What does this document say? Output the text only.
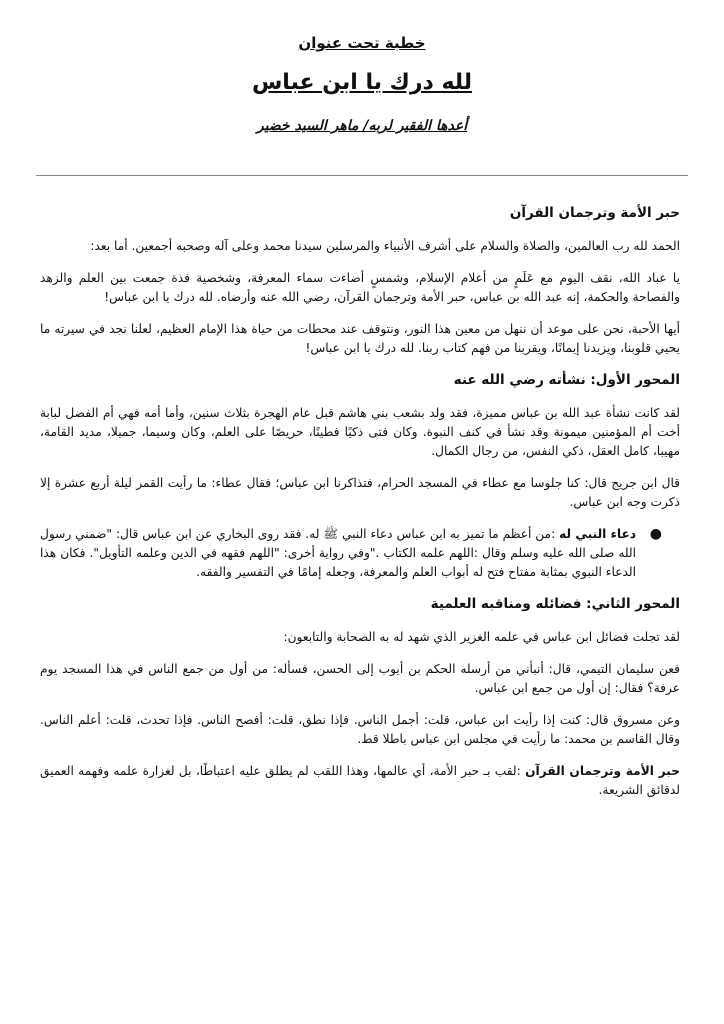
خطبة تحت عنوان
لله درك يا ابن عباس
أعدها الفقير لربه/ ماهر السيد خضير
حبر الأمة وترجمان القرآن

الحمد لله رب العالمين، والصلاة والسلام على أشرف الأنبياء والمرسلين سيدنا محمد وعلى آله وصحبه أجمعين. أما بعد:

يا عباد الله، نقف اليوم مع عَلَمٍ من أعلام الإسلام، وشمسٍ أضاءت سماء المعرفة، وشخصية فذة جمعت بين العلم والزهد والفصاحة والحكمة، إنه عبد الله بن عباس، حبر الأمة وترجمان القرآن، رضي الله عنه وأرضاه. لله درك يا ابن عباس!

أيها الأحبة، نحن على موعد أن ننهل من معين هذا النور، ونتوقف عند محطات من حياة هذا الإمام العظيم، لعلنا نجد في سيرته ما يحيي قلوبنا، ويزيدنا إيمانًا، ويقربنا من فهم كتاب ربنا. لله درك يا ابن عباس!

المحور الأول: نشأته رضي الله عنه

لقد كانت نشأة عبد الله بن عباس مميزة، فقد ولد بشعب بني هاشم قبل عام الهجرة بثلاث سنين، وأما أمه فهي أم الفضل لبابة أخت أم المؤمنين ميمونة وقد نشأ في كنف النبوة. وكان فتى ذكيًا فطينًا، حريصًا على العلم، وكان وسيما، جميلا، مديد القامة، مهيبا، كامل العقل، ذكي النفس، من رجال الكمال.

قال ابن جريج قال: كنا جلوسا مع عطاء في المسجد الحرام، فتذاكرنا ابن عباس؛ فقال عطاء: ما رأيت القمر ليلة أربع عشرة إلا ذكرت وجه ابن عباس.

●
دعاء النبي له :من أعظم ما تميز به ابن عباس دعاء النبي ﷺ له. فقد روى البخاري عن ابن عباس قال: "ضمني رسول الله صلى الله عليه وسلم وقال :اللهم علمه الكتاب ."وفي رواية أخرى: "اللهم فقهه في الدين وعلمه التأويل". فكان هذا الدعاء النبوي بمثابة مفتاح فتح له أبواب العلم والمعرفة، وجعله إمامًا في التفسير والفقه.
المحور الثاني: فضائله ومناقبه العلمية

لقد تجلت فضائل ابن عباس في علمه الغزير الذي شهد له به الصحابة والتابعون:

فعن سليمان التيمي، قال: أنبأني من أرسله الحكم بن أيوب إلى الحسن، فسأله: من أول من جمع الناس في هذا المسجد يوم عرفة؟ فقال: إن أول من جمع ابن عباس.

وعن مسروق قال: كنت إذا رأيت ابن عباس، قلت: أجمل الناس. فإذا نطق، قلت: أفصح الناس. فإذا تحدث، قلت: أعلم الناس. وقال القاسم بن محمد: ما رأيت في مجلس ابن عباس باطلا قط.

حبر الأمة وترجمان القرآن :لقب بـ حبر الأمة، أي عالمها، وهذا اللقب لم يطلق عليه اعتباطًا، بل لغزارة علمه وفهمه العميق لدقائق الشريعة.
